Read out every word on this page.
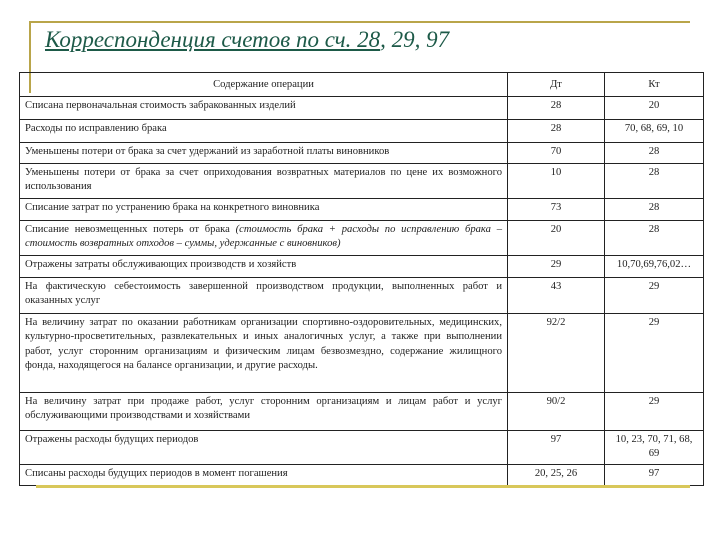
Корреспонденция счетов по сч. 28, 29, 97
Содержание операции	Дт	Кт
Списана первоначальная стоимость забракованных изделий	28	20
Расходы по исправлению брака	28	70, 68, 69, 10
Уменьшены потери от брака за счет удержаний из заработной платы виновников	70	28
Уменьшены потери от брака за счет оприходования возвратных материалов по цене их возможного использования	10	28
Списание затрат по устранению брака на конкретного виновника	73	28
Списание невозмещенных потерь от брака (стоимость брака + расходы по исправлению брака – стоимость возвратных отходов – суммы, удержанные с виновников)	20	28
Отражены затраты обслуживающих производств и хозяйств	29	10,70,69,76,02…
На фактическую себестоимость завершенной производством продукции, выполненных работ и оказанных услуг	43	29
На величину затрат по оказании работникам организации спортивно-оздоровительных, медицинских, культурно-просветительных, развлекательных и иных аналогичных услуг, а также при выполнении работ, услуг сторонним организациям и физическим лицам безвозмездно, содержание жилищного фонда, находящегося на балансе организации, и другие расходы.	92/2	29
На величину затрат при продаже работ, услуг сторонним организациям и лицам работ и услуг обслуживающими производствами и хозяйствами	90/2	29
Отражены расходы будущих периодов	97	10, 23, 70, 71, 68, 69
Списаны расходы будущих периодов в момент погашения	20, 25, 26	97
